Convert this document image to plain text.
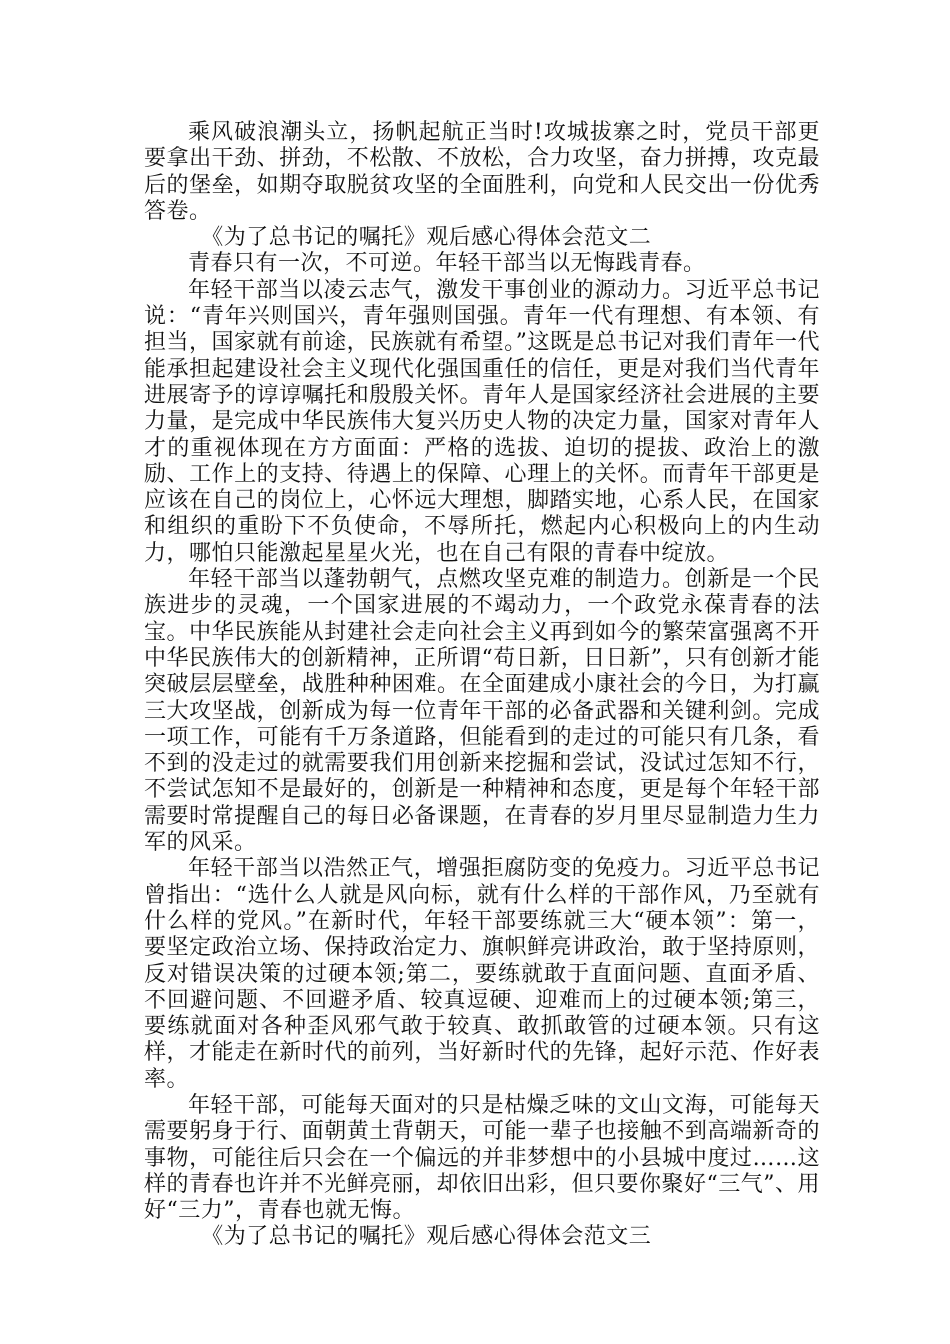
乘风破浪潮头立，扬帆起航正当时!攻城拔寨之时，党员干部更要拿出干劲、拼劲，不松散、不放松，合力攻坚，奋力拼搏，攻克最后的堡垒，如期夺取脱贫攻坚的全面胜利，向党和人民交出一份优秀答卷。

《为了总书记的嘱托》观后感心得体会范文二

青春只有一次，不可逆。年轻干部当以无悔践青春。

年轻干部当以凌云志气，激发干事创业的源动力。习近平总书记说：“青年兴则国兴，青年强则国强。青年一代有理想、有本领、有担当，国家就有前途，民族就有希望。”这既是总书记对我们青年一代能承担起建设社会主义现代化强国重任的信任，更是对我们当代青年进展寄予的谆谆嘱托和殷殷关怀。青年人是国家经济社会进展的主要力量，是完成中华民族伟大复兴历史人物的决定力量，国家对青年人才的重视体现在方方面面：严格的选拔、迫切的提拔、政治上的激励、工作上的支持、待遇上的保障、心理上的关怀。而青年干部更是应该在自己的岗位上，心怀远大理想，脚踏实地，心系人民，在国家和组织的重盼下不负使命，不辱所托，燃起内心积极向上的内生动力，哪怕只能激起星星火光，也在自己有限的青春中绽放。

年轻干部当以蓬勃朝气，点燃攻坚克难的制造力。创新是一个民族进步的灵魂，一个国家进展的不竭动力，一个政党永葆青春的法宝。中华民族能从封建社会走向社会主义再到如今的繁荣富强离不开中华民族伟大的创新精神，正所谓“苟日新，日日新”，只有创新才能突破层层壁垒，战胜种种困难。在全面建成小康社会的今日，为打赢三大攻坚战，创新成为每一位青年干部的必备武器和关键利剑。完成一项工作，可能有千万条道路，但能看到的走过的可能只有几条，看不到的没走过的就需要我们用创新来挖掘和尝试，没试过怎知不行，不尝试怎知不是最好的，创新是一种精神和态度，更是每个年轻干部需要时常提醒自己的每日必备课题，在青春的岁月里尽显制造力生力军的风采。

年轻干部当以浩然正气，增强拒腐防变的免疫力。习近平总书记曾指出：“选什么人就是风向标，就有什么样的干部作风，乃至就有什么样的党风。”在新时代，年轻干部要练就三大“硬本领”：第一，要坚定政治立场、保持政治定力、旗帜鲜亮讲政治，敢于坚持原则，反对错误决策的过硬本领;第二，要练就敢于直面问题、直面矛盾、不回避问题、不回避矛盾、较真逗硬、迎难而上的过硬本领;第三，要练就面对各种歪风邪气敢于较真、敢抓敢管的过硬本领。只有这样，才能走在新时代的前列，当好新时代的先锋，起好示范、作好表率。

年轻干部，可能每天面对的只是枯燥乏味的文山文海，可能每天需要躬身于行、面朝黄土背朝天，可能一辈子也接触不到高端新奇的事物，可能往后只会在一个偏远的并非梦想中的小县城中度过……这样的青春也许并不光鲜亮丽，却依旧出彩，但只要你聚好“三气”、用好“三力”，青春也就无悔。

《为了总书记的嘱托》观后感心得体会范文三
